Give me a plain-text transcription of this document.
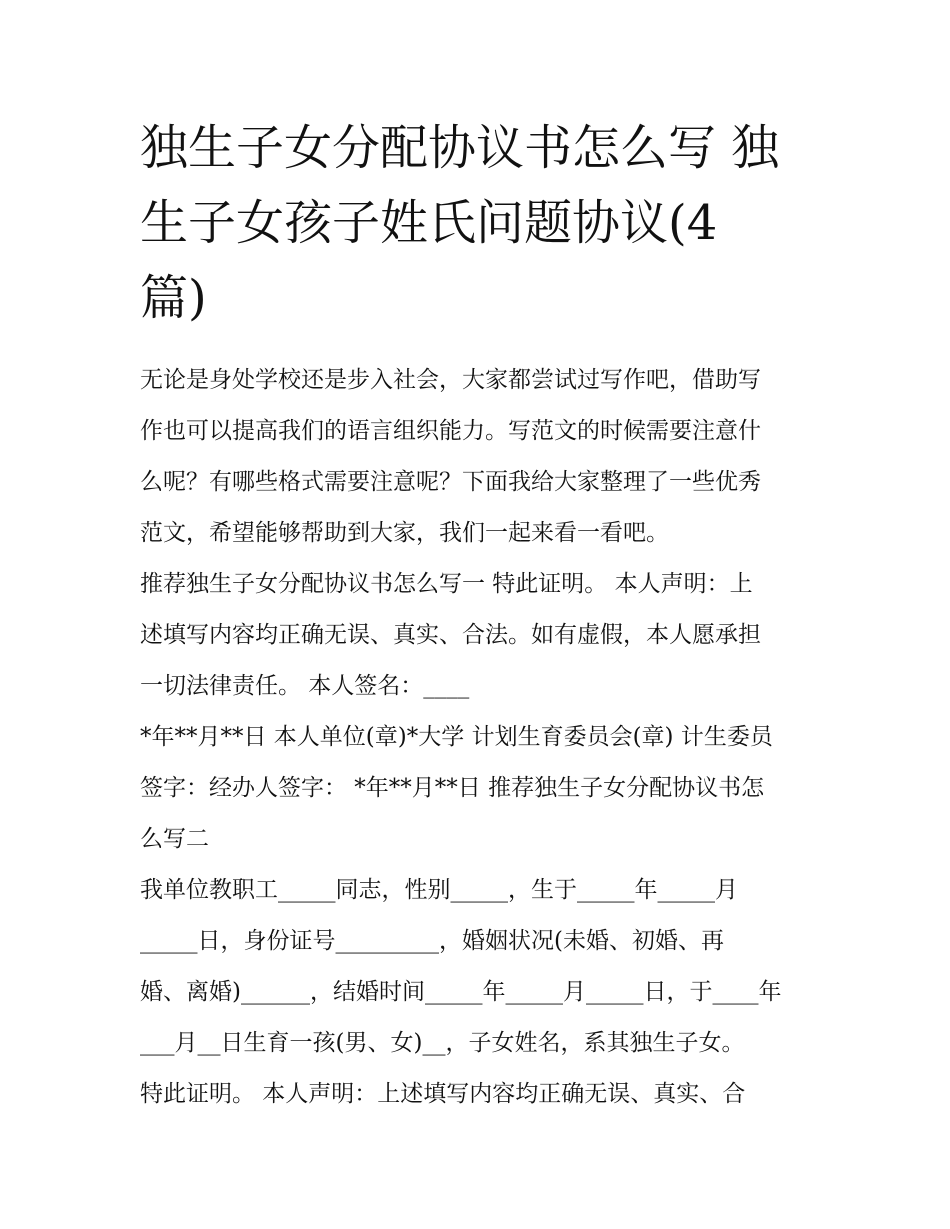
独生子女分配协议书怎么写 独
生子女孩子姓氏问题协议(4
篇)
无论是身处学校还是步入社会，大家都尝试过写作吧，借助写
作也可以提高我们的语言组织能力。写范文的时候需要注意什
么呢？有哪些格式需要注意呢？下面我给大家整理了一些优秀
范文，希望能够帮助到大家，我们一起来看一看吧。
推荐独生子女分配协议书怎么写一 特此证明。 本人声明：上
述填写内容均正确无误、真实、合法。如有虚假，本人愿承担
一切法律责任。 本人签名：____
*年**月**日 本人单位(章)*大学 计划生育委员会(章) 计生委员
签字：经办人签字： *年**月**日 推荐独生子女分配协议书怎
么写二
我单位教职工_____同志，性别_____，生于_____年_____月
_____日，身份证号_________，婚姻状况(未婚、初婚、再
婚、离婚)______，结婚时间_____年_____月_____日，于____年
___月__日生育一孩(男、女)__，子女姓名，系其独生子女。
特此证明。 本人声明：上述填写内容均正确无误、真实、合
